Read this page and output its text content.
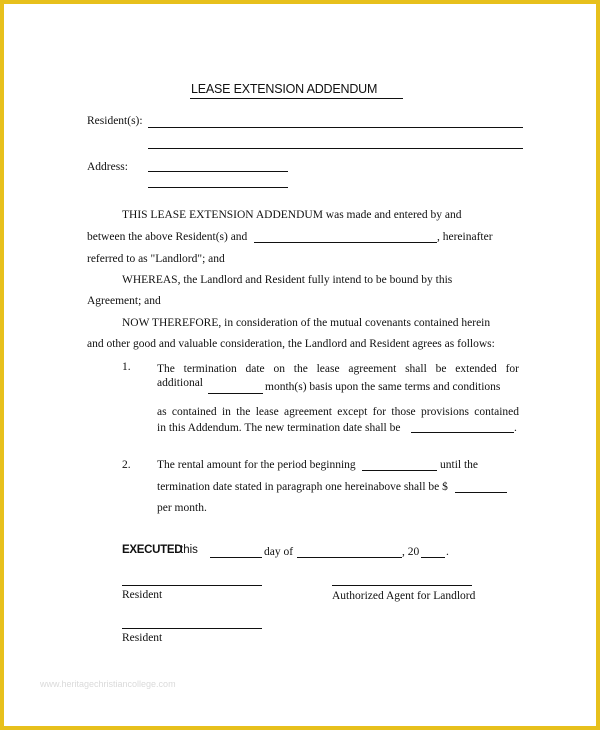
LEASE EXTENSION ADDENDUM
Resident(s):
Address:
THIS LEASE EXTENSION ADDENDUM was made and entered by and
between the above Resident(s) and	, hereinafter
referred to as "Landlord"; and
WHEREAS, the Landlord and Resident fully intend to be bound by this
Agreement; and
NOW THEREFORE, in consideration of the mutual covenants contained herein
and other good and valuable consideration, the Landlord and Resident agrees as follows:
1. The termination date on the lease agreement shall be extended for
additional	month(s) basis upon the same terms and conditions
as contained in the lease agreement except for those provisions contained
in this Addendum. The new termination date shall be	.
2. The rental amount for the period beginning	until the
termination date stated in paragraph one hereinabove shall be $
per month.
EXECUTED
this	day of	, 20 .
Resident	Authorized Agent for Landlord
Resident
www.heritagechristiancollege.com
